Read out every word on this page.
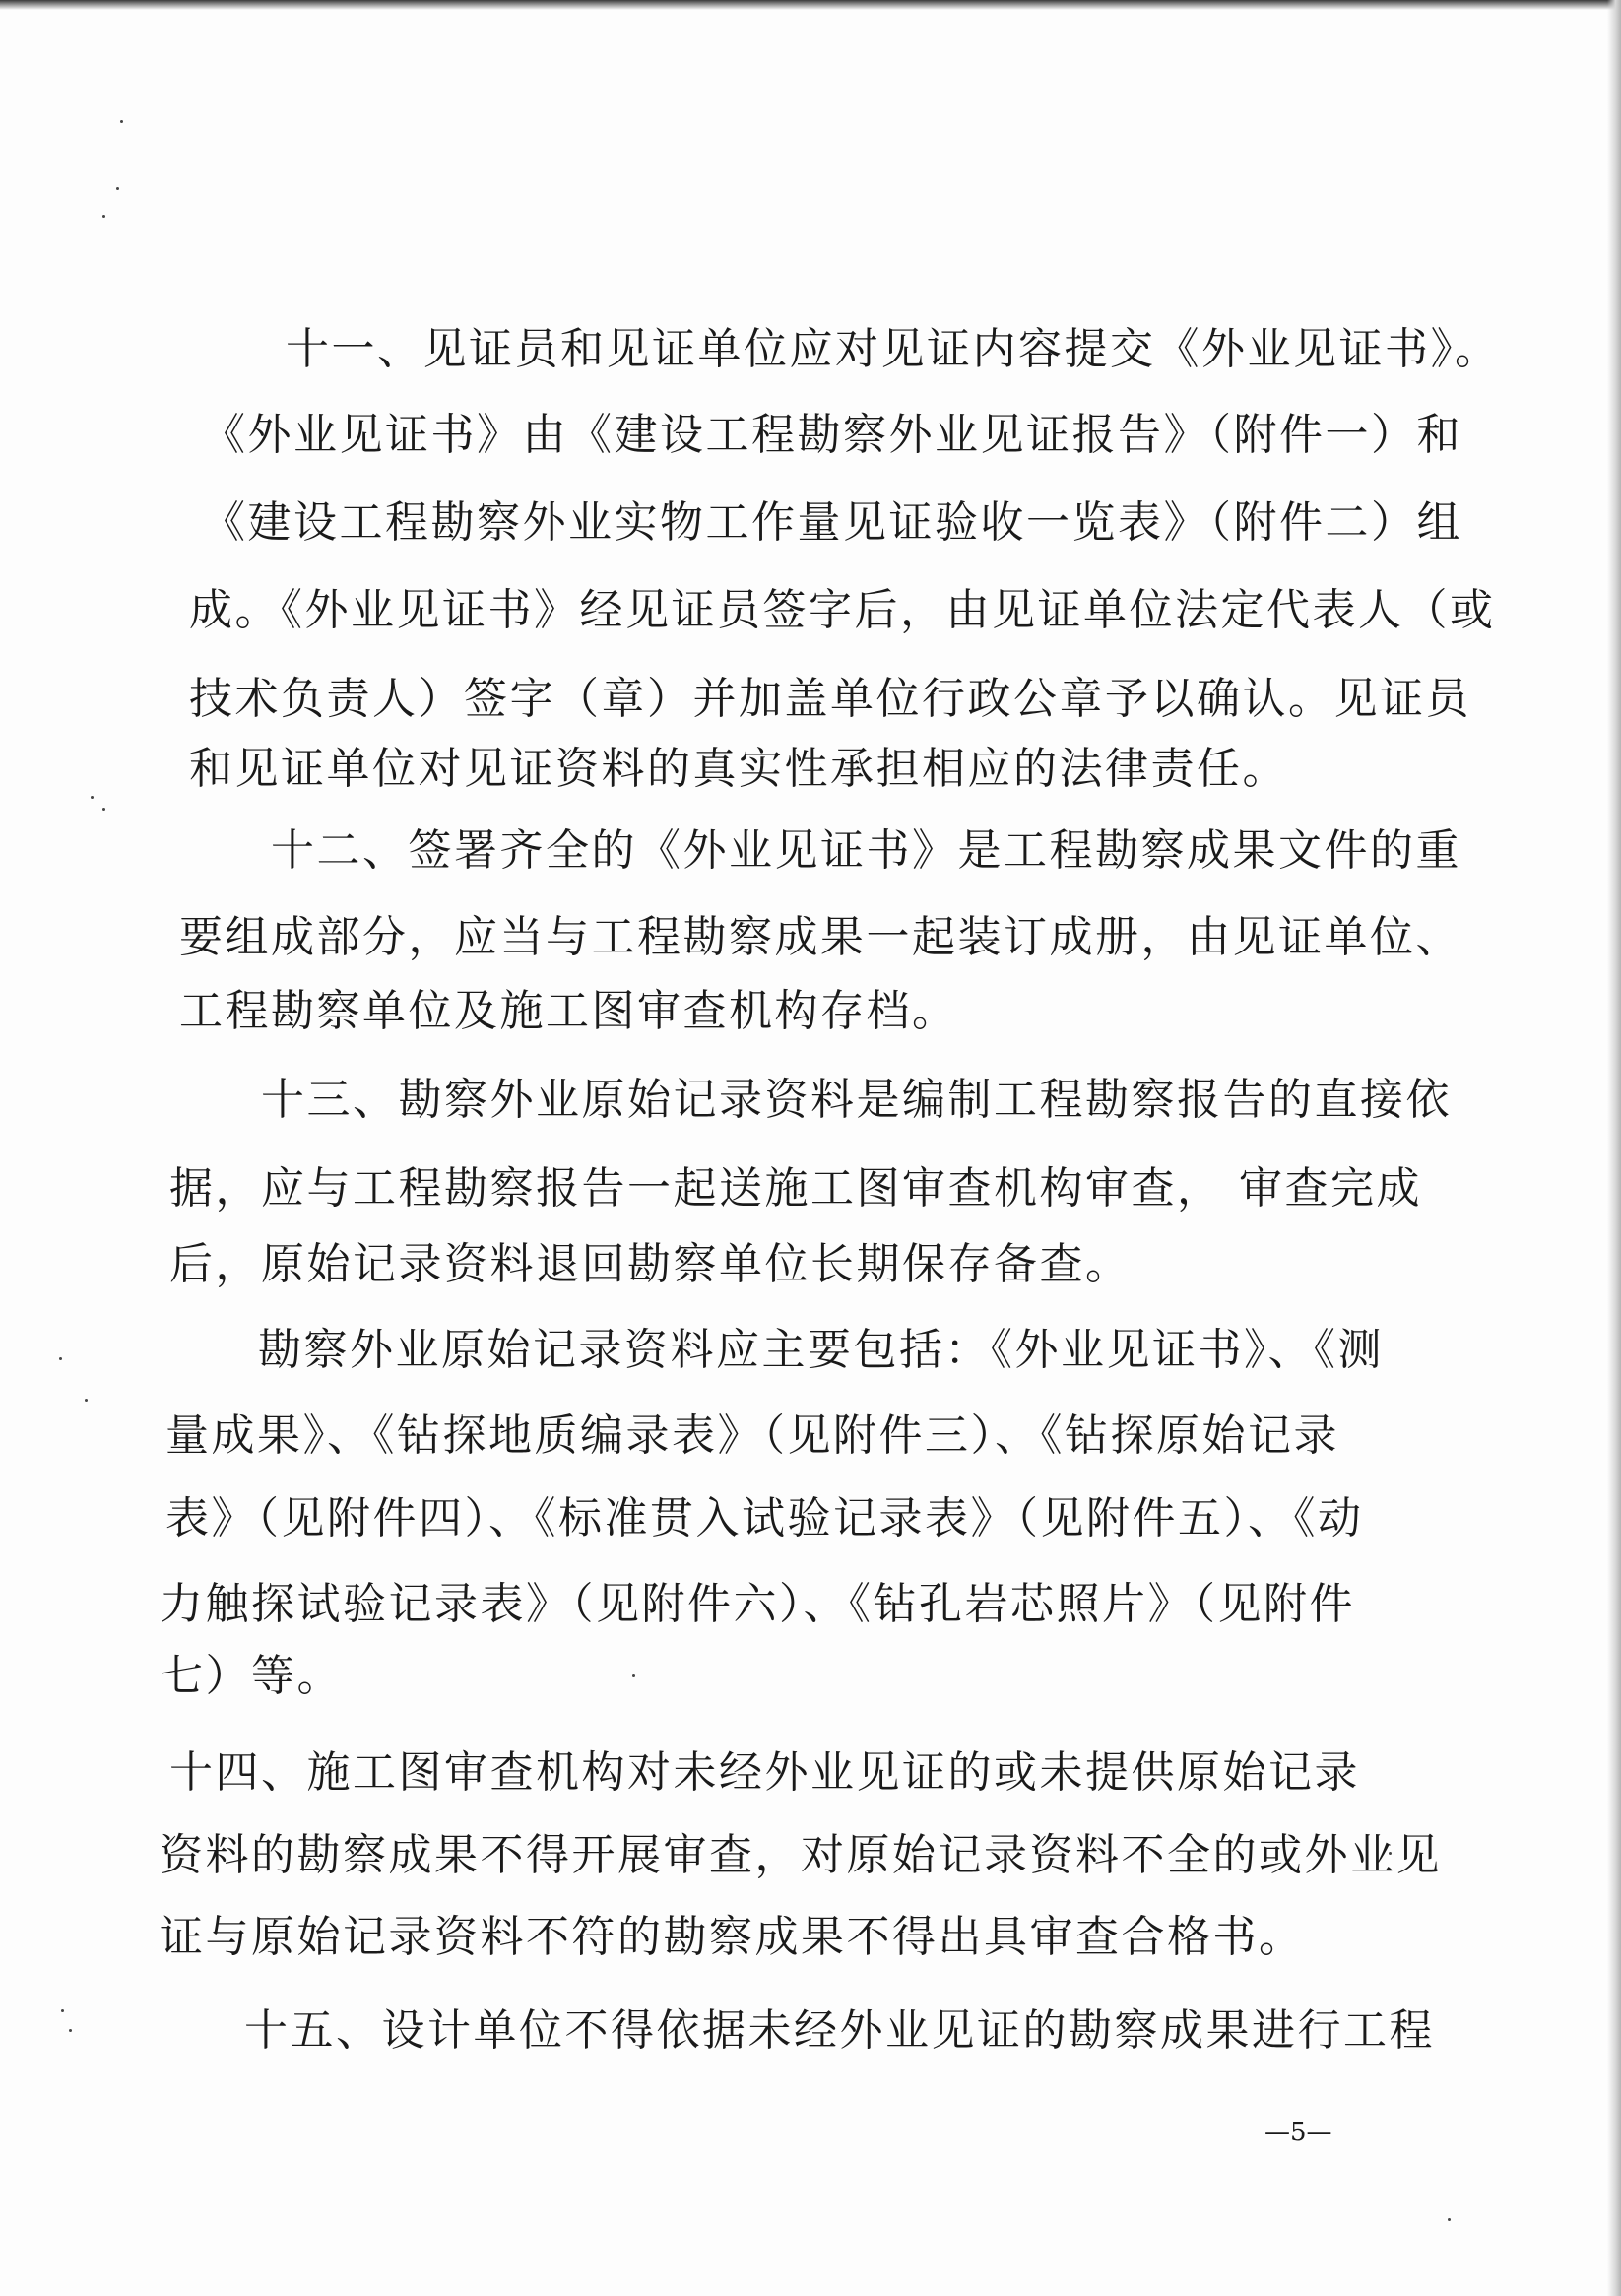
十一、见证员和见证单位应对见证内容提交《外业见证书》。
《外业见证书》由《建设工程勘察外业见证报告》（附件一）和
《建设工程勘察外业实物工作量见证验收一览表》（附件二）组
成。《外业见证书》经见证员签字后，由见证单位法定代表人（或
技术负责人）签字（章）并加盖单位行政公章予以确认。见证员
和见证单位对见证资料的真实性承担相应的法律责任。
十二、签署齐全的《外业见证书》是工程勘察成果文件的重
要组成部分，应当与工程勘察成果一起装订成册，由见证单位、
工程勘察单位及施工图审查机构存档。
十三、勘察外业原始记录资料是编制工程勘察报告的直接依
据，应与工程勘察报告一起送施工图审查机构审查， 审查完成
后，原始记录资料退回勘察单位长期保存备查。
勘察外业原始记录资料应主要包括：《外业见证书》、《测
量成果》、《钻探地质编录表》（见附件三）、《钻探原始记录
表》（见附件四）、《标准贯入试验记录表》（见附件五）、《动
力触探试验记录表》（见附件六）、《钻孔岩芯照片》（见附件
七）等。
十四、施工图审查机构对未经外业见证的或未提供原始记录
资料的勘察成果不得开展审查，对原始记录资料不全的或外业见
证与原始记录资料不符的勘察成果不得出具审查合格书。
十五、设计单位不得依据未经外业见证的勘察成果进行工程
—5—
